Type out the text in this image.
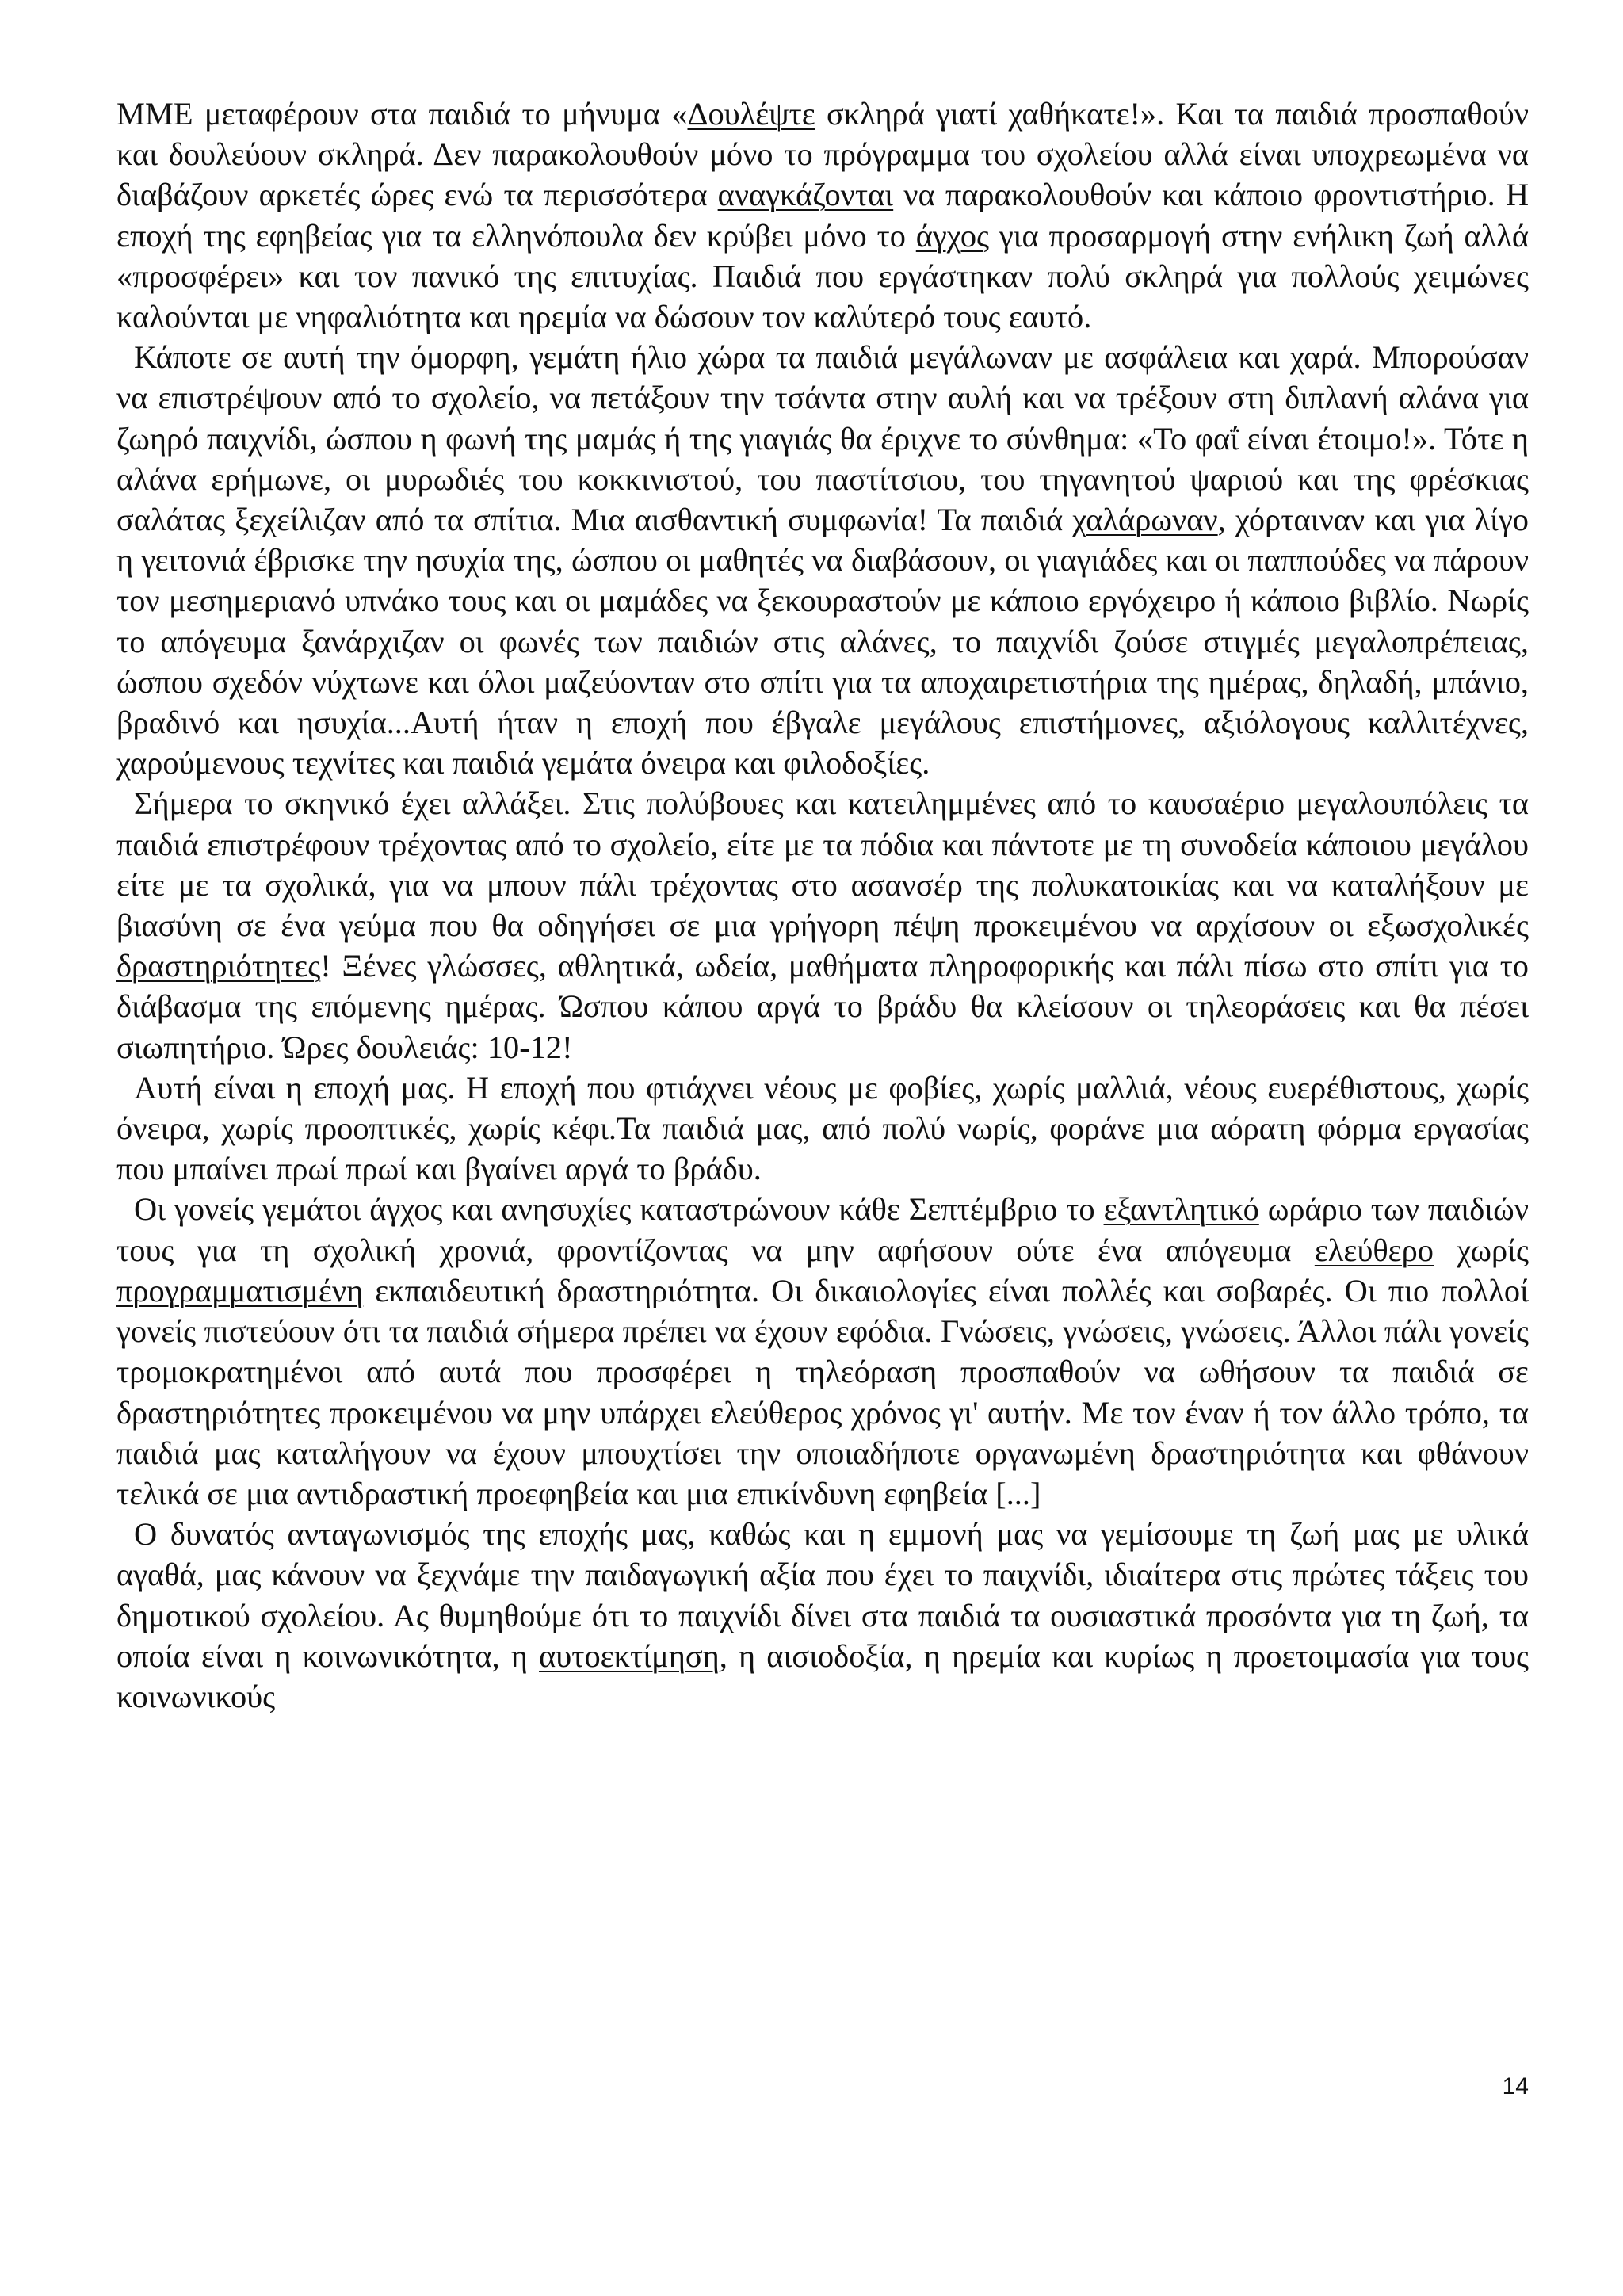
ΜΜΕ μεταφέρουν στα παιδιά το μήνυμα «Δουλέψτε σκληρά γιατί χαθήκατε!». Και τα παιδιά προσπαθούν και δουλεύουν σκληρά. Δεν παρακολουθούν μόνο το πρόγραμμα του σχολείου αλλά είναι υποχρεωμένα να διαβάζουν αρκετές ώρες ενώ τα περισσότερα αναγκάζονται να παρακολουθούν και κάποιο φροντιστήριο. Η εποχή της εφηβείας για τα ελληνόπουλα δεν κρύβει μόνο το άγχος για προσαρμογή στην ενήλικη ζωή αλλά «προσφέρει» και τον πανικό της επιτυχίας. Παιδιά που εργάστηκαν πολύ σκληρά για πολλούς χειμώνες καλούνται με νηφαλιότητα και ηρεμία να δώσουν τον καλύτερό τους εαυτό.

Κάποτε σε αυτή την όμορφη, γεμάτη ήλιο χώρα τα παιδιά μεγάλωναν με ασφάλεια και χαρά. Μπορούσαν να επιστρέψουν από το σχολείο, να πετάξουν την τσάντα στην αυλή και να τρέξουν στη διπλανή αλάνα για ζωηρό παιχνίδι, ώσπου η φωνή της μαμάς ή της γιαγιάς θα έριχνε το σύνθημα: «Το φαΐ είναι έτοιμο!». Τότε η αλάνα ερήμωνε, οι μυρωδιές του κοκκινιστού, του παστίτσιου, του τηγανητού ψαριού και της φρέσκιας σαλάτας ξεχείλιζαν από τα σπίτια. Μια αισθαντική συμφωνία! Τα παιδιά χαλάρωναν, χόρταιναν και για λίγο η γειτονιά έβρισκε την ησυχία της, ώσπου οι μαθητές να διαβάσουν, οι γιαγιάδες και οι παππούδες να πάρουν τον μεσημεριανό υπνάκο τους και οι μαμάδες να ξεκουραστούν με κάποιο εργόχειρο ή κάποιο βιβλίο. Νωρίς το απόγευμα ξανάρχιζαν οι φωνές των παιδιών στις αλάνες, το παιχνίδι ζούσε στιγμές μεγαλοπρέπειας, ώσπου σχεδόν νύχτωνε και όλοι μαζεύονταν στο σπίτι για τα αποχαιρετιστήρια της ημέρας, δηλαδή, μπάνιο, βραδινό και ησυχία...Αυτή ήταν η εποχή που έβγαλε μεγάλους επιστήμονες, αξιόλογους καλλιτέχνες, χαρούμενους τεχνίτες και παιδιά γεμάτα όνειρα και φιλοδοξίες.

Σήμερα το σκηνικό έχει αλλάξει. Στις πολύβουες και κατειλημμένες από το καυσαέριο μεγαλουπόλεις τα παιδιά επιστρέφουν τρέχοντας από το σχολείο, είτε με τα πόδια και πάντοτε με τη συνοδεία κάποιου μεγάλου είτε με τα σχολικά, για να μπουν πάλι τρέχοντας στο ασανσέρ της πολυκατοικίας και να καταλήξουν με βιασύνη σε ένα γεύμα που θα οδηγήσει σε μια γρήγορη πέψη προκειμένου να αρχίσουν οι εξωσχολικές δραστηριότητες! Ξένες γλώσσες, αθλητικά, ωδεία, μαθήματα πληροφορικής και πάλι πίσω στο σπίτι για το διάβασμα της επόμενης ημέρας. Ώσπου κάπου αργά το βράδυ θα κλείσουν οι τηλεοράσεις και θα πέσει σιωπητήριο. Ώρες δουλειάς: 10-12!

Αυτή είναι η εποχή μας. Η εποχή που φτιάχνει νέους με φοβίες, χωρίς μαλλιά, νέους ευερέθιστους, χωρίς όνειρα, χωρίς προοπτικές, χωρίς κέφι.Τα παιδιά μας, από πολύ νωρίς, φοράνε μια αόρατη φόρμα εργασίας που μπαίνει πρωί πρωί και βγαίνει αργά το βράδυ.

Οι γονείς γεμάτοι άγχος και ανησυχίες καταστρώνουν κάθε Σεπτέμβριο το εξαντλητικό ωράριο των παιδιών τους για τη σχολική χρονιά, φροντίζοντας να μην αφήσουν ούτε ένα απόγευμα ελεύθερο χωρίς προγραμματισμένη εκπαιδευτική δραστηριότητα. Οι δικαιολογίες είναι πολλές και σοβαρές. Οι πιο πολλοί γονείς πιστεύουν ότι τα παιδιά σήμερα πρέπει να έχουν εφόδια. Γνώσεις, γνώσεις, γνώσεις. Άλλοι πάλι γονείς τρομοκρατημένοι από αυτά που προσφέρει η τηλεόραση προσπαθούν να ωθήσουν τα παιδιά σε δραστηριότητες προκειμένου να μην υπάρχει ελεύθερος χρόνος γι' αυτήν. Με τον έναν ή τον άλλο τρόπο, τα παιδιά μας καταλήγουν να έχουν μπουχτίσει την οποιαδήποτε οργανωμένη δραστηριότητα και φθάνουν τελικά σε μια αντιδραστική προεφηβεία και μια επικίνδυνη εφηβεία [...]

Ο δυνατός ανταγωνισμός της εποχής μας, καθώς και η εμμονή μας να γεμίσουμε τη ζωή μας με υλικά αγαθά, μας κάνουν να ξεχνάμε την παιδαγωγική αξία που έχει το παιχνίδι, ιδιαίτερα στις πρώτες τάξεις του δημοτικού σχολείου. Ας θυμηθούμε ότι το παιχνίδι δίνει στα παιδιά τα ουσιαστικά προσόντα για τη ζωή, τα οποία είναι η κοινωνικότητα, η αυτοεκτίμηση, η αισιοδοξία, η ηρεμία και κυρίως η προετοιμασία για τους κοινωνικούς

14
